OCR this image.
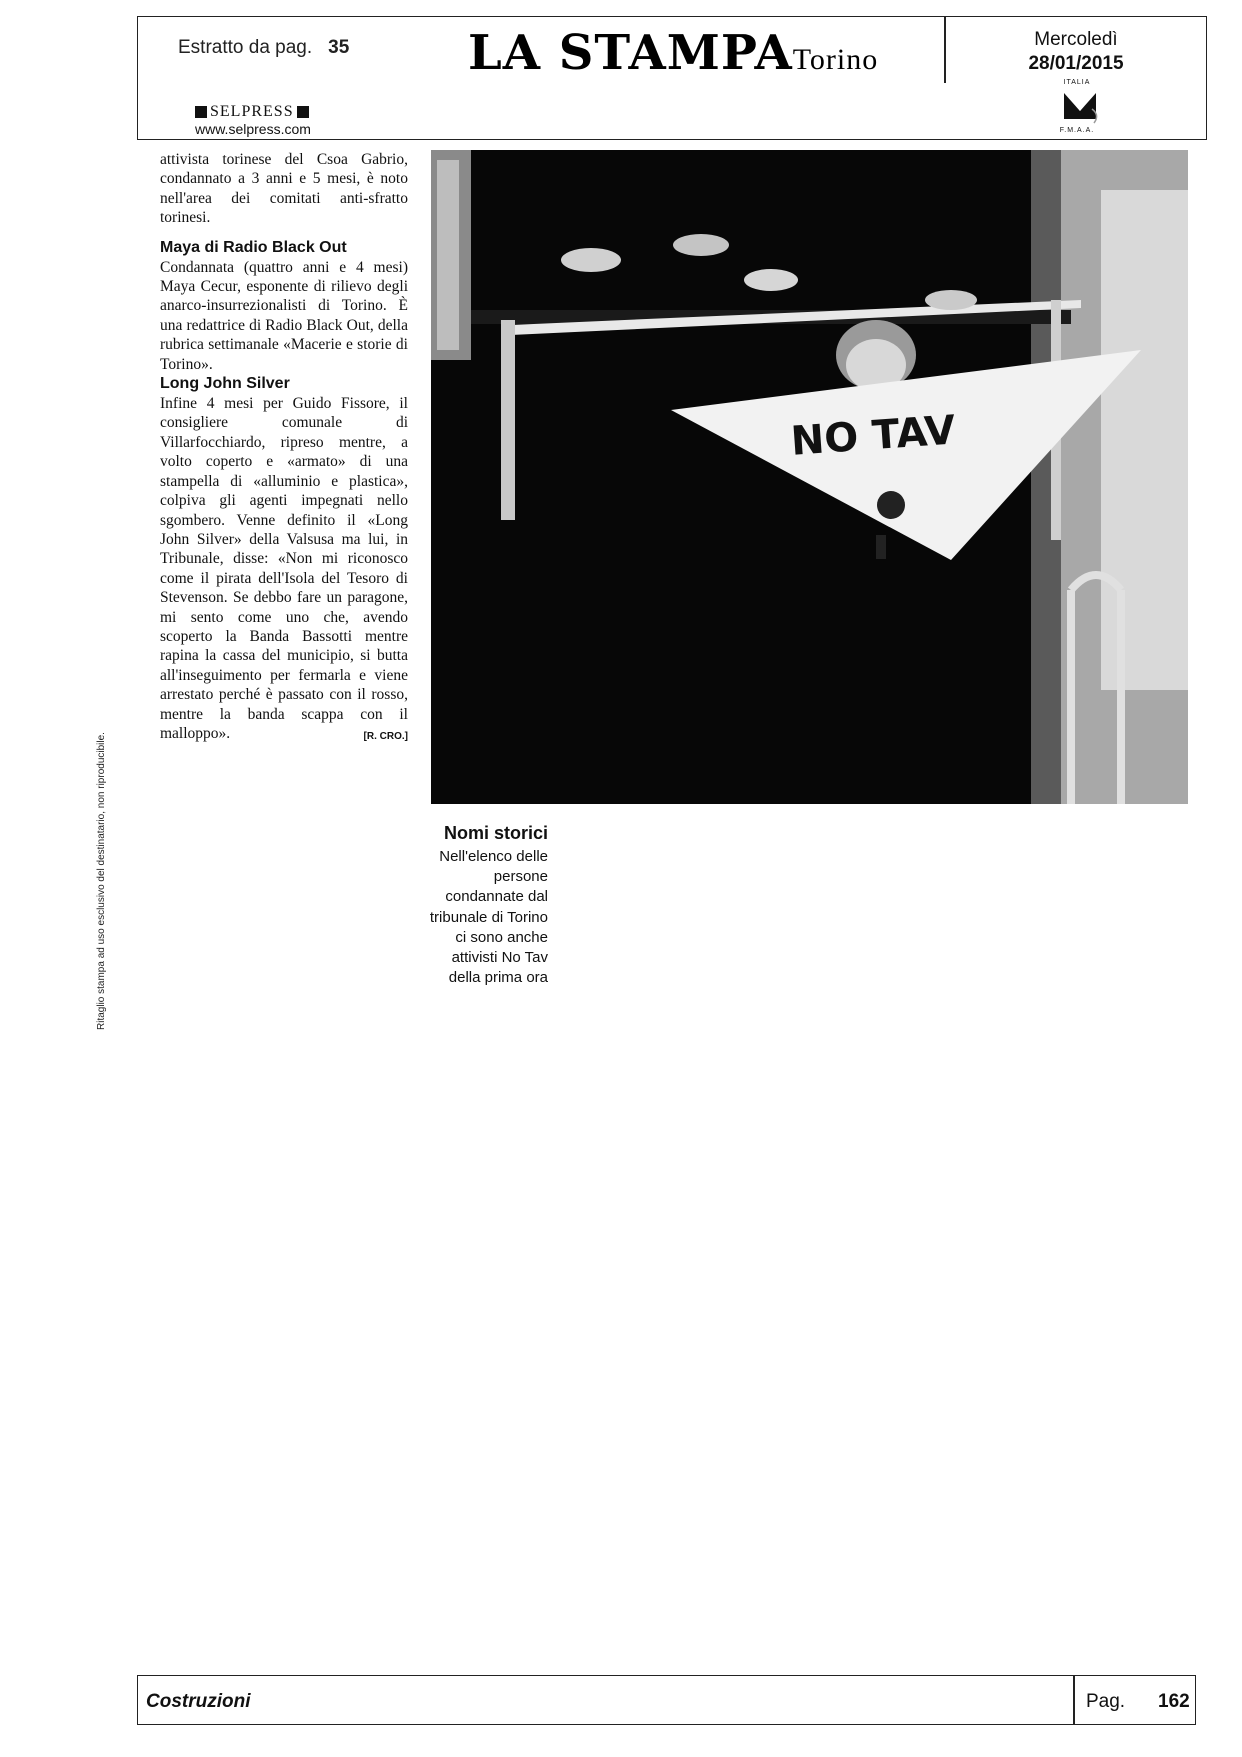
Estratto da pag. 35 LA STAMPATorino
Mercoledì
28/01/2015
ITALIA
F.M.A.A.
SELPRESS
www.selpress.com
Ritaglio stampa ad uso esclusivo del destinatario, non riproducibile.

attivista torinese del Csoa Gabrio, condannato a 3 anni e 5 mesi, è noto nell'area dei comitati anti-sfratto torinesi.

Maya di Radio Black Out

Condannata (quattro anni e 4 mesi) Maya Cecur, esponente di rilievo degli anarco-insurrezionalisti di Torino. È una redattrice di Radio Black Out, della rubrica settimanale «Macerie e storie di Torino».

Long John Silver

Infine 4 mesi per Guido Fissore, il consigliere comunale di Villarfocchiardo, ripreso mentre, a volto coperto e «armato» di una stampella di «alluminio e plastica», colpiva gli agenti impegnati nello sgombero. Venne definito il «Long John Silver» della Valsusa ma lui, in Tribunale, disse: «Non mi riconosco come il pirata dell'Isola del Tesoro di Stevenson. Se debbo fare un paragone, mi sento come uno che, avendo scoperto la Banda Bassotti mentre rapina la cassa del municipio, si butta all'inseguimento per fermarla e viene arrestato perché è passato con il rosso, mentre la banda scappa con il malloppo».	[R. CRO.]

NO TAV
Nomi storici
Nell'elenco delle persone condannate dal tribunale di Torino ci sono anche attivisti No Tav della prima ora
Costruzioni	Pag. 162
